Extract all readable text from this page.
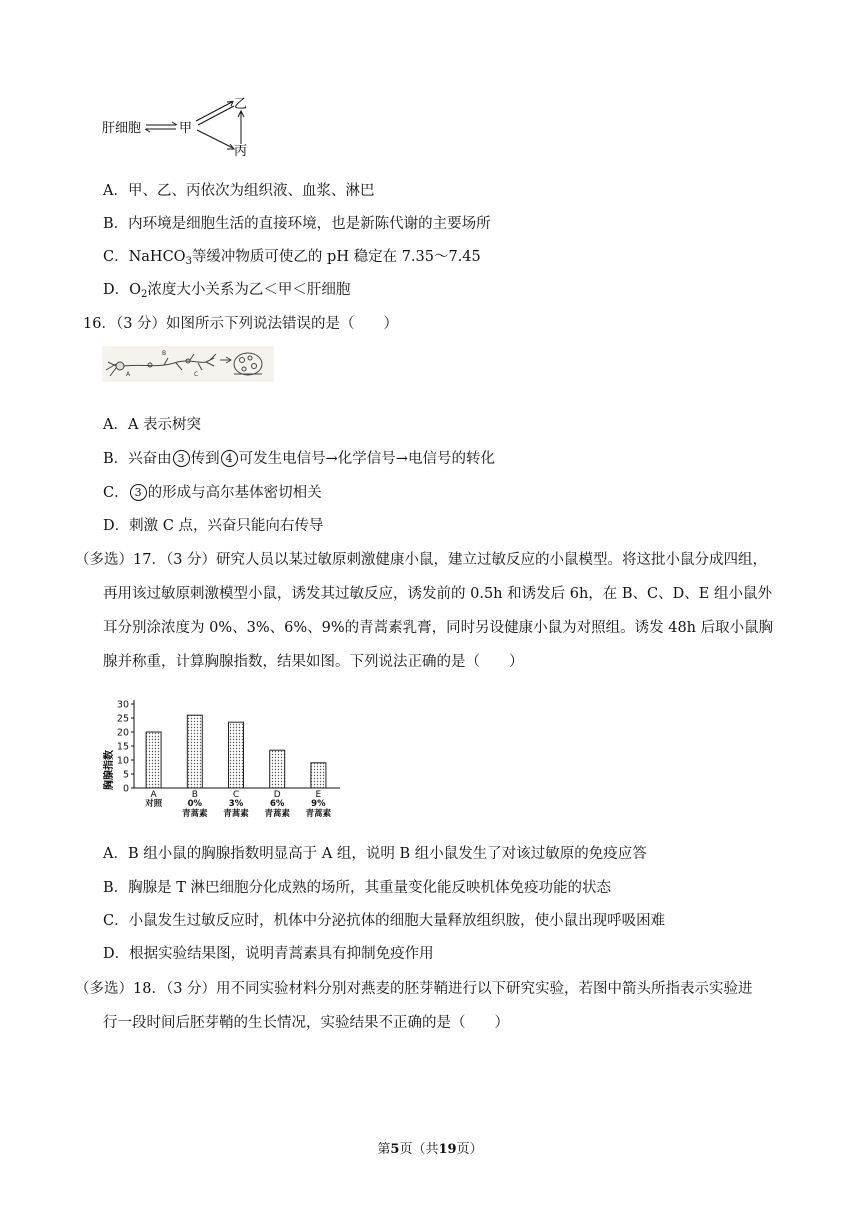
肝细胞	甲
乙
丙
A．甲、乙、丙依次为组织液、血浆、淋巴
B．内环境是细胞生活的直接环境，也是新陈代谢的主要场所
C．NaHCO$_3$等缓冲物质可使乙的 pH 稳定在 7.35～7.45
D．$O_2$浓度大小关系为乙＜甲＜肝细胞
16．（3 分）如图所示下列说法错误的是（　　）
A
B
C
A．A 表示树突
B．兴奋由 3 传到 4 可发生电信号→化学信号→电信号的转化
C． 3 的形成与高尔基体密切相关
D．刺激 C 点，兴奋只能向右传导
（多选）17．（3 分）研究人员以某过敏原刺激健康小鼠，建立过敏反应的小鼠模型。将这批小鼠分成四组，
再用该过敏原刺激模型小鼠，诱发其过敏反应，诱发前的 0.5h 和诱发后 6h，在 B、C、D、E 组小鼠外
耳分别涂浓度为 0%、3%、6%、9%的青蒿素乳膏，同时另设健康小鼠为对照组。诱发 48h 后取小鼠胸
腺并称重，计算胸腺指数，结果如图。下列说法正确的是（　　）
胸腺指数 0
5
10
15
20
25
30
A
对照
B
0%
青蒿素
C
3%
青蒿素
D
6%
青蒿素
E
9%
青蒿素
A．B 组小鼠的胸腺指数明显高于 A 组，说明 B 组小鼠发生了对该过敏原的免疫应答
B．胸腺是 T 淋巴细胞分化成熟的场所，其重量变化能反映机体免疫功能的状态
C．小鼠发生过敏反应时，机体中分泌抗体的细胞大量释放组织胺，使小鼠出现呼吸困难
D．根据实验结果图，说明青蒿素具有抑制免疫作用
（多选）18．（3 分）用不同实验材料分别对燕麦的胚芽鞘进行以下研究实验，若图中箭头所指表示实验进
行一段时间后胚芽鞘的生长情况，实验结果不正确的是（　　）
第5页（共19页）
